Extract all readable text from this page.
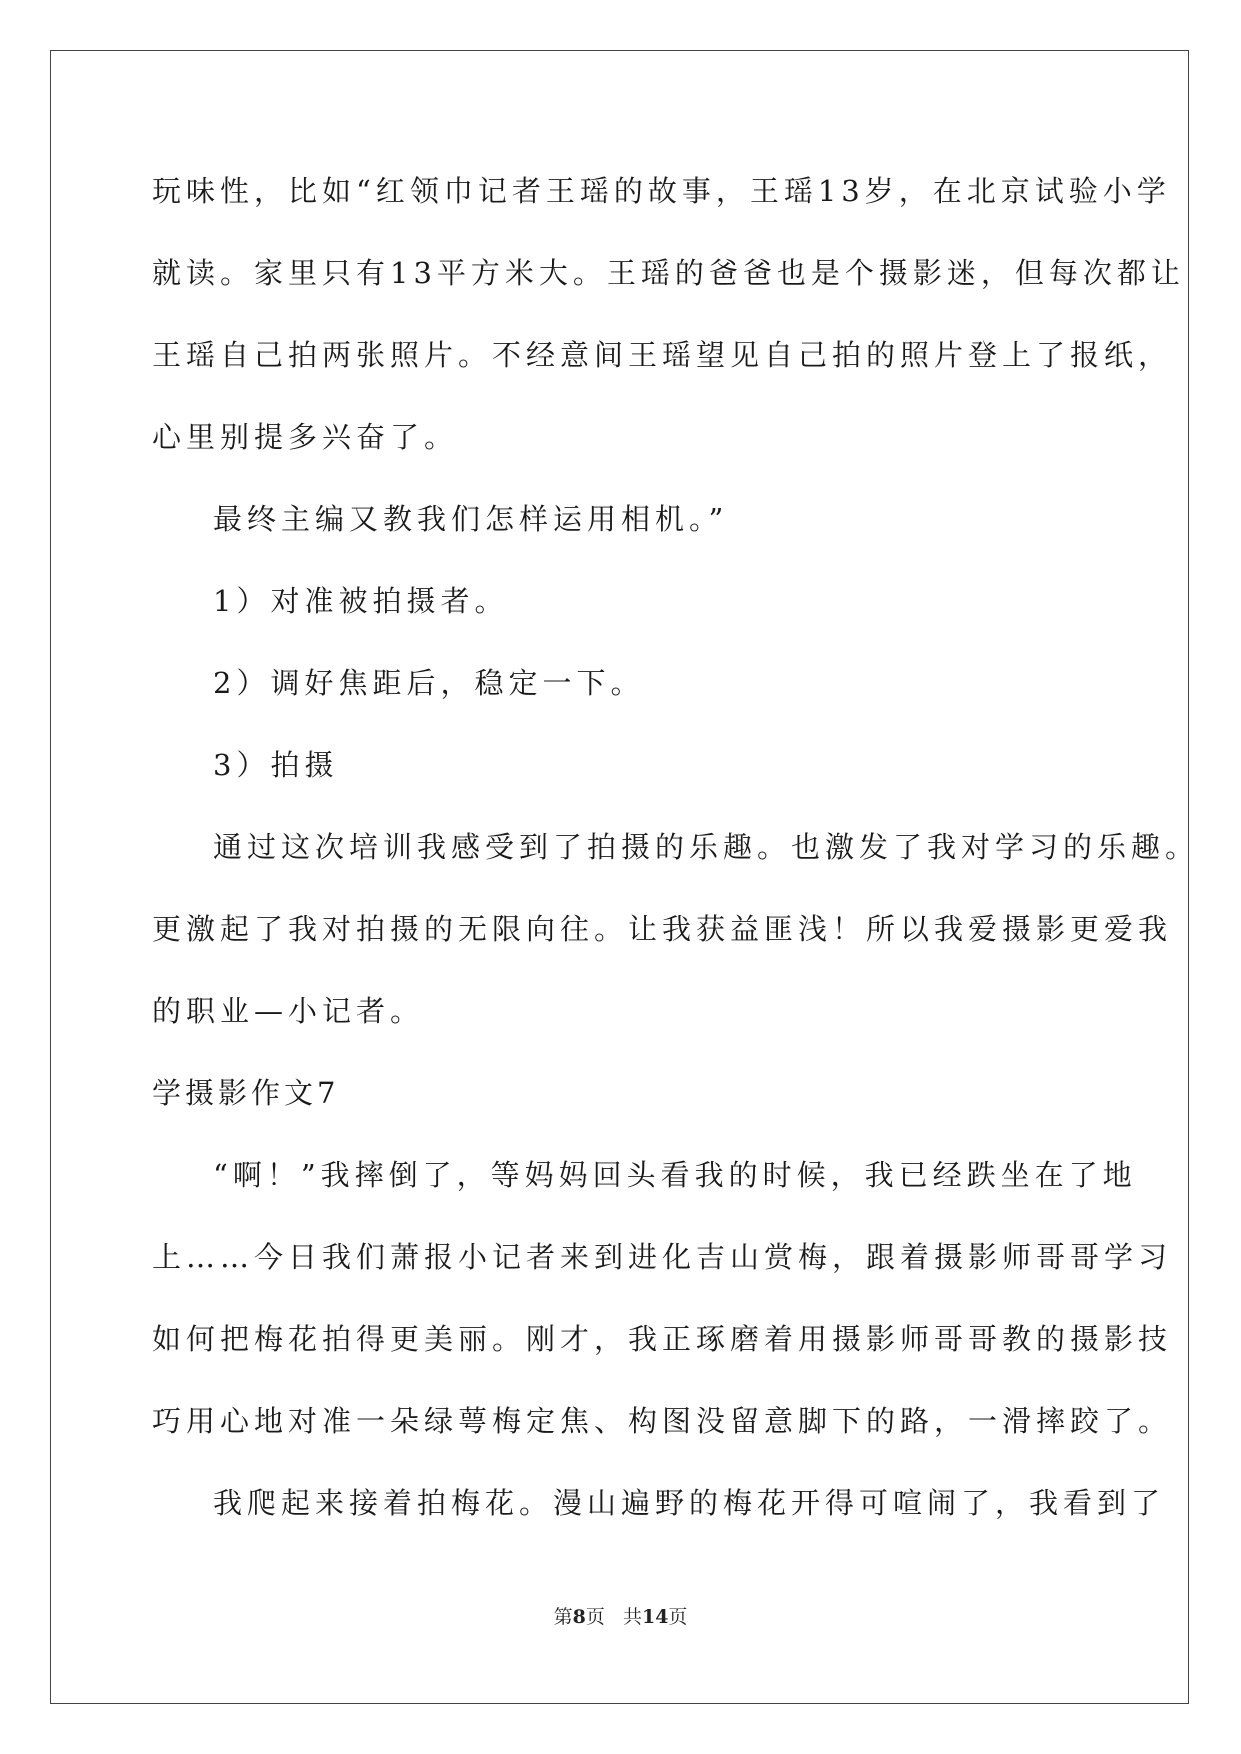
玩味性，比如“红领巾记者王瑶的故事，王瑶13岁，在北京试验小学
就读。家里只有13平方米大。王瑶的爸爸也是个摄影迷，但每次都让
王瑶自己拍两张照片。不经意间王瑶望见自己拍的照片登上了报纸，
心里别提多兴奋了。
最终主编又教我们怎样运用相机。”
1）对准被拍摄者。
2）调好焦距后，稳定一下。
3）拍摄
通过这次培训我感受到了拍摄的乐趣。也激发了我对学习的乐趣。
更激起了我对拍摄的无限向往。让我获益匪浅！所以我爱摄影更爱我
的职业—小记者。
学摄影作文7
“啊！”我摔倒了，等妈妈回头看我的时候，我已经跌坐在了地
上……今日我们萧报小记者来到进化吉山赏梅，跟着摄影师哥哥学习
如何把梅花拍得更美丽。刚才，我正琢磨着用摄影师哥哥教的摄影技
巧用心地对准一朵绿萼梅定焦、构图没留意脚下的路，一滑摔跤了。
我爬起来接着拍梅花。漫山遍野的梅花开得可喧闹了，我看到了
第8页 共14页
